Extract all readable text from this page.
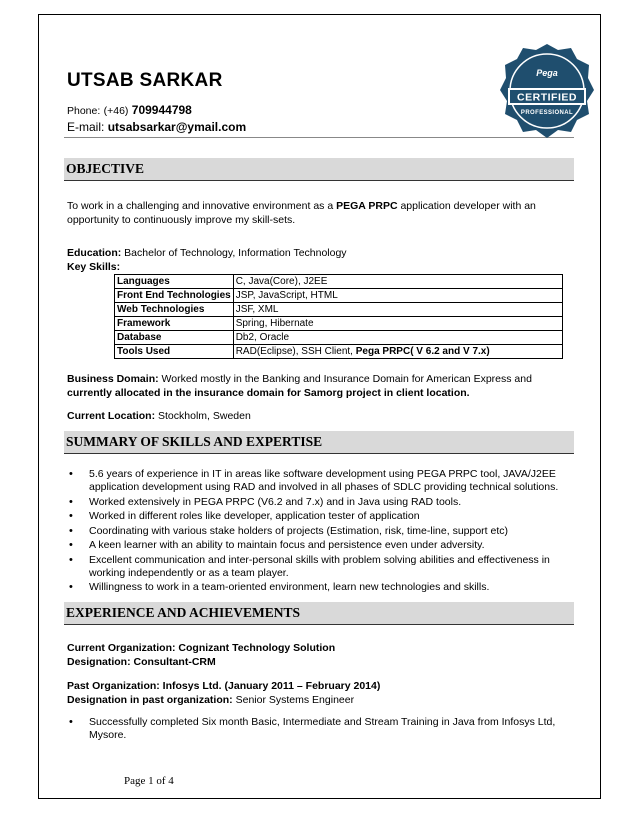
UTSAB SARKAR
Phone: (+46) 709944798
E-mail: utsabsarkar@ymail.com
Pega
CERTIFIED
PROFESSIONAL
OBJECTIVE
To work in a challenging and innovative environment as a PEGA PRPC application developer with an opportunity to continuously improve my skill-sets.
Education: Bachelor of Technology, Information Technology
Key Skills:
Languages	C, Java(Core), J2EE
Front End Technologies	JSP, JavaScript, HTML
Web Technologies	JSF, XML
Framework	Spring, Hibernate
Database	Db2, Oracle
Tools Used	RAD(Eclipse), SSH Client, Pega PRPC( V 6.2 and V 7.x)
Business Domain: Worked mostly in the Banking and Insurance Domain for American Express and currently allocated in the insurance domain for Samorg project in client location.
Current Location: Stockholm, Sweden
SUMMARY OF SKILLS AND EXPERTISE
• 5.6 years of experience in IT in areas like software development using PEGA PRPC tool, JAVA/J2EE application development using RAD and involved in all phases of SDLC providing technical solutions.
• Worked extensively in PEGA PRPC (V6.2 and 7.x) and in Java using RAD tools.
• Worked in different roles like developer, application tester of application
• Coordinating with various stake holders of projects (Estimation, risk, time-line, support etc)
• A keen learner with an ability to maintain focus and persistence even under adversity.
• Excellent communication and inter-personal skills with problem solving abilities and effectiveness in working independently or as a team player.
• Willingness to work in a team-oriented environment, learn new technologies and skills.
EXPERIENCE AND ACHIEVEMENTS
Current Organization: Cognizant Technology Solution
Designation: Consultant-CRM
Past Organization: Infosys Ltd. (January 2011 – February 2014)
Designation in past organization: Senior Systems Engineer
• Successfully completed Six month Basic, Intermediate and Stream Training in Java from Infosys Ltd, Mysore.
Page 1 of 4
